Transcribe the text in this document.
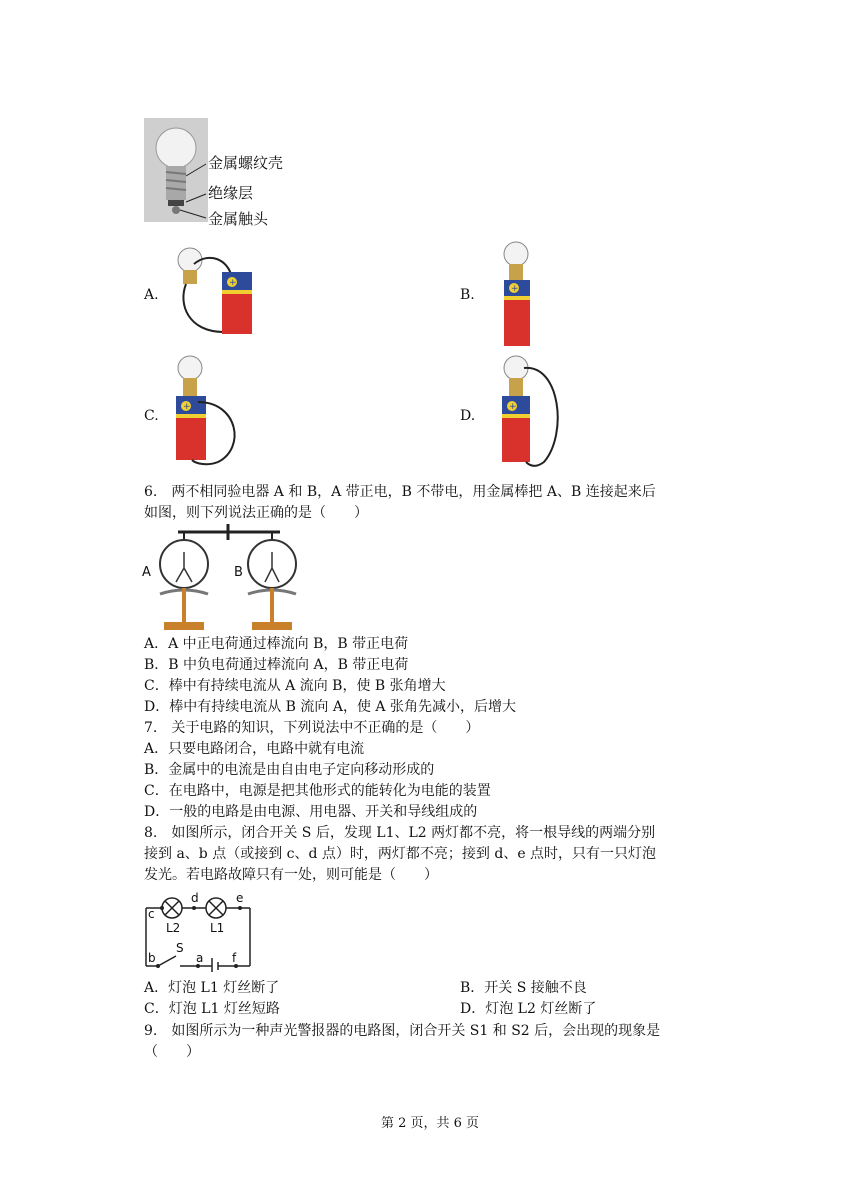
金属螺纹壳
绝缘层
金属触头
A.
+
B.	+
C.
+
D.
+
6.　两不相同验电器 A 和 B，A 带正电，B 不带电，用金属棒把 A、B 连接起来后
如图，则下列说法正确的是（　　）
A	B
A．A 中正电荷通过棒流向 B，B 带正电荷
B．B 中负电荷通过棒流向 A，B 带正电荷
C．棒中有持续电流从 A 流向 B，使 B 张角增大
D．棒中有持续电流从 B 流向 A，使 A 张角先减小，后增大
7.　关于电路的知识，下列说法中不正确的是（　　）
A．只要电路闭合，电路中就有电流
B．金属中的电流是由自由电子定向移动形成的
C．在电路中，电源是把其他形式的能转化为电能的装置
D．一般的电路是由电源、用电器、开关和导线组成的
8.　如图所示，闭合开关 S 后，发现 L1、L2 两灯都不亮，将一根导线的两端分别
接到 a、b 点（或接到 c、d 点）时，两灯都不亮；接到 d、e 点时，只有一只灯泡
发光。若电路故障只有一处，则可能是（　　）
c
d	e
L2 L1
b
S
a f
A．灯泡 L1 灯丝断了	B．开关 S 接触不良
C．灯泡 L1 灯丝短路	D．灯泡 L2 灯丝断了
9.　如图所示为一种声光警报器的电路图，闭合开关 S1 和 S2 后，会出现的现象是
（　　）
第 2 页，共 6 页
